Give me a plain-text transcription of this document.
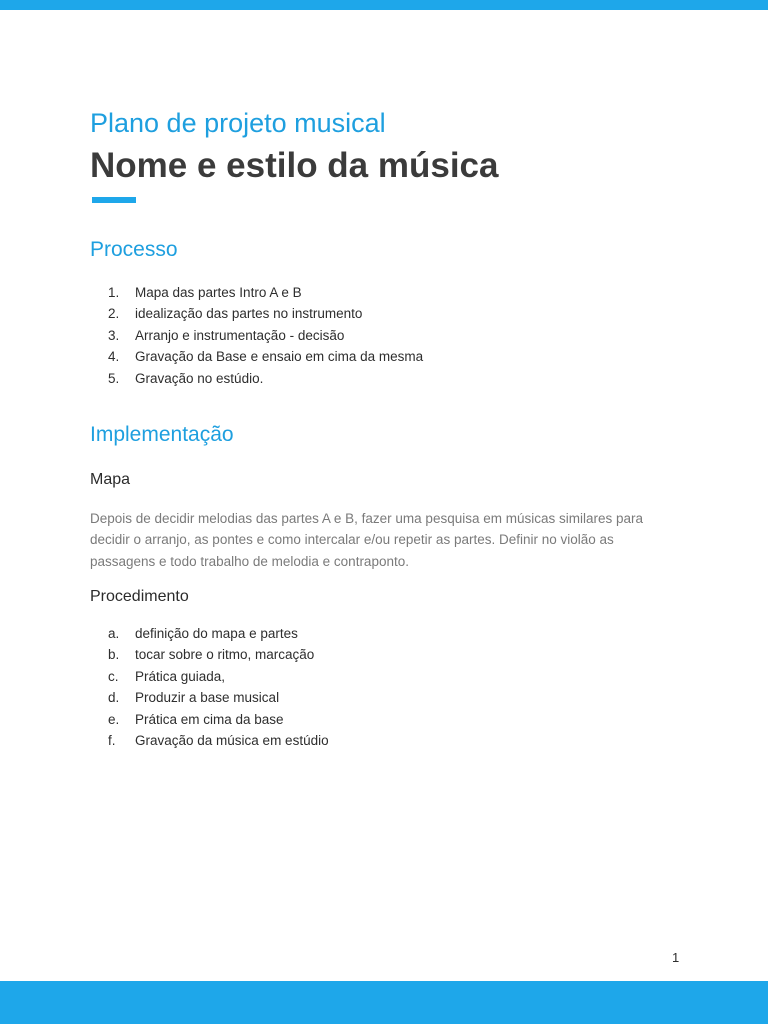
Plano de projeto musical
Nome e estilo da música
Processo
1.	Mapa das partes Intro A e B
2.	idealização das partes no instrumento
3.	Arranjo e instrumentação - decisão
4.	Gravação da Base e ensaio em cima da mesma
5.	Gravação no estúdio.
Implementação
Mapa

Depois de decidir melodias das partes A e B, fazer uma pesquisa em músicas similares para decidir o arranjo, as pontes e como intercalar e/ou repetir as partes. Definir no violão as passagens e todo trabalho de melodia e contraponto.

Procedimento
a.	definição do mapa e partes
b.	tocar sobre o ritmo, marcação
c.	Prática guiada,
d.	Produzir a base musical
e.	Prática em cima da base
f.	Gravação da música em estúdio
1
